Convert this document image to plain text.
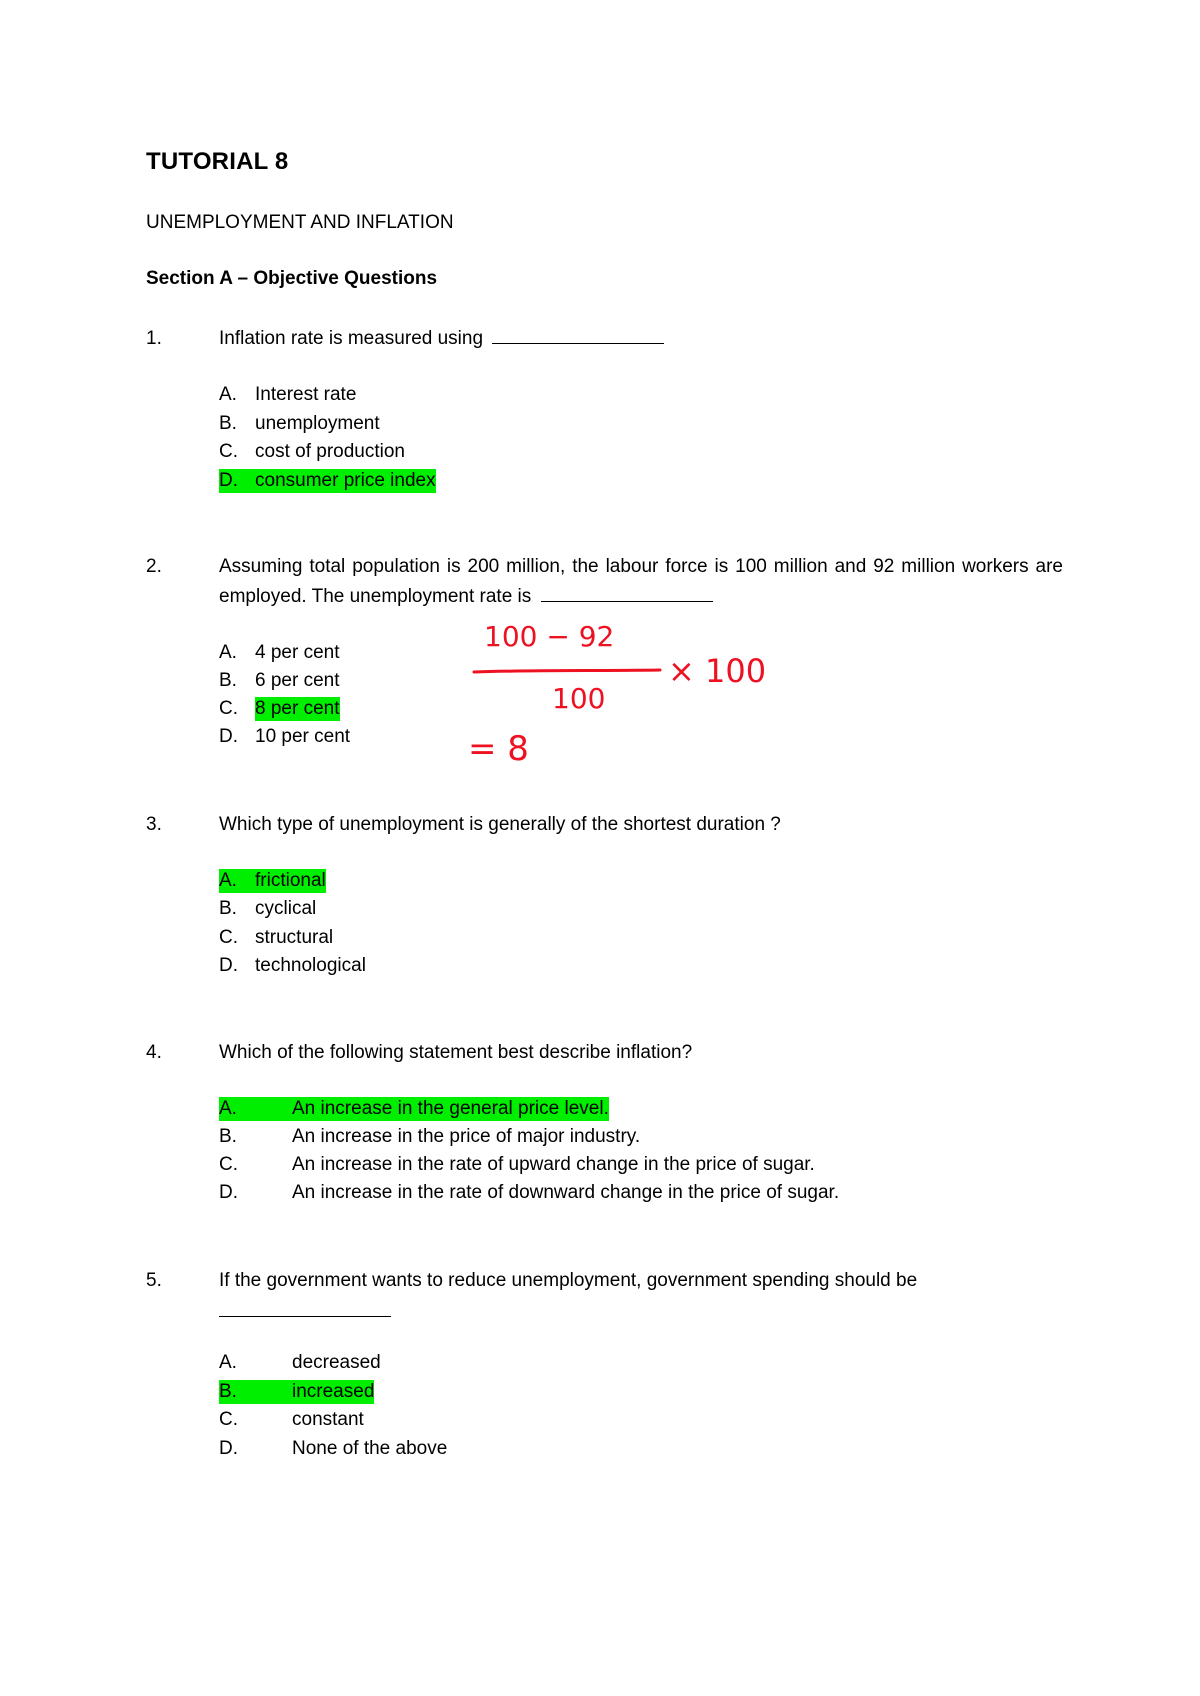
TUTORIAL 8
UNEMPLOYMENT AND INFLATION
Section A – Objective Questions
1.	Inflation rate is measured using
A. Interest rate
B. unemployment
C. cost of production
D. consumer price index
2.	Assuming total population is 200 million, the labour force is 100 million and 92 million workers are employed. The unemployment rate is
A. 4 per cent
B. 6 per cent
C. 8 per cent
D. 10 per cent
100 − 92
100
× 100
= 8
3.	Which type of unemployment is generally of the shortest duration ?
A. frictional
B. cyclical
C. structural
D. technological
4.	Which of the following statement best describe inflation?
A.	An increase in the general price level.
B.	An increase in the price of major industry.
C.	An increase in the rate of upward change in the price of sugar.
D.	An increase in the rate of downward change in the price of sugar.
5.	If the government wants to reduce unemployment, government spending should be
A.	decreased
B.	increased
C.	constant
D.	None of the above
